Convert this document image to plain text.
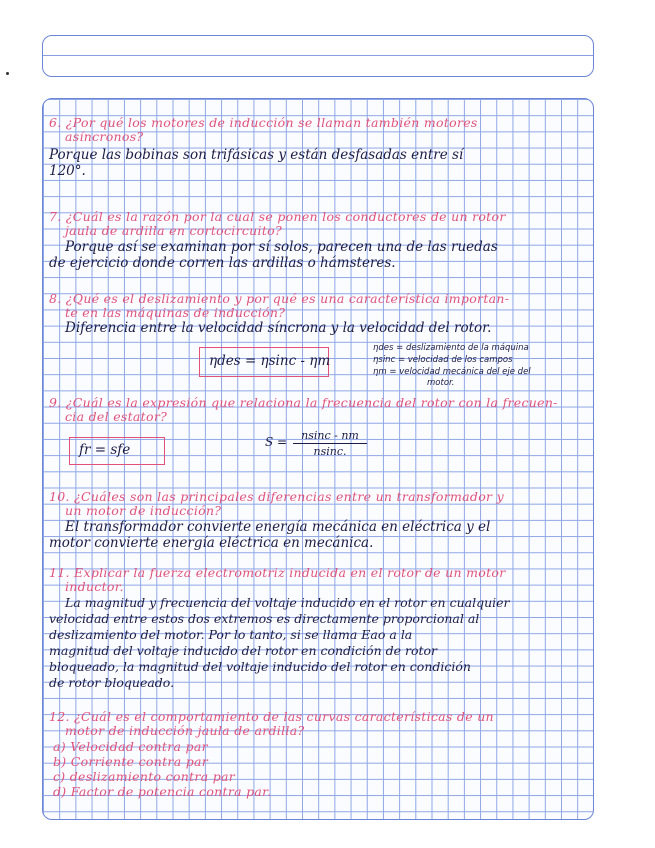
6. ¿Por qué los motores de inducción se llaman también motores
asíncronos?
Porque las bobinas son trifásicas y están desfasadas entre sí
120°.
7. ¿Cuál es la razón por la cual se ponen los conductores de un rotor
jaula de ardilla en cortocircuito?
Porque así se examinan por sí solos, parecen una de las ruedas
de ejercicio donde corren las ardillas o hámsteres.
8. ¿Qué es el deslizamiento y por qué es una característica importan-
te en las máquinas de inducción?
Diferencia entre la velocidad síncrona y la velocidad del rotor.
ηdes = ηsinc - ηm
ηdes = deslizamiento de la máquina
ηsinc = velocidad de los campos
ηm = velocidad mecánica del eje del
motor.
9. ¿Cuál es la expresión que relaciona la frecuencia del rotor con la frecuen-
cia del estator?
fr = sfe	S =	nsinc - nm
nsinc.
10. ¿Cuáles son las principales diferencias entre un transformador y
un motor de inducción?
El transformador convierte energía mecánica en eléctrica y el
motor convierte energía eléctrica en mecánica.
11. Explicar la fuerza electromotriz inducida en el rotor de un motor
inductor.
La magnitud y frecuencia del voltaje inducido en el rotor en cualquier
velocidad entre estos dos extremos es directamente proporcional al
deslizamiento del motor. Por lo tanto, si se llama Eao a la
magnitud del voltaje inducido del rotor en condición de rotor
bloqueado, la magnitud del voltaje inducido del rotor en condición
de rotor bloqueado.
12. ¿Cuál es el comportamiento de las curvas características de un
motor de inducción jaula de ardilla?
a) Velocidad contra par
b) Corriente contra par
c) deslizamiento contra par
d) Factor de potencia contra par.
